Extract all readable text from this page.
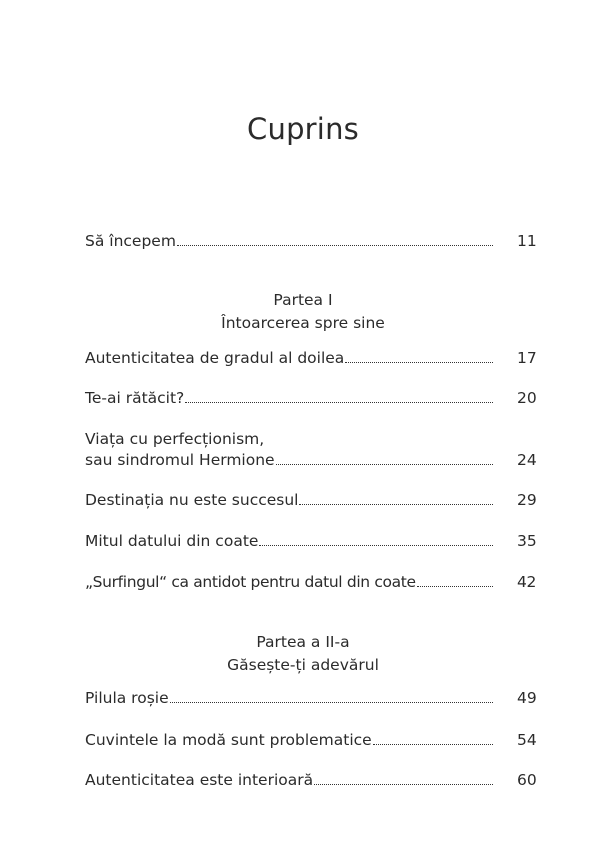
Cuprins
Să începem	11
Partea I
Întoarcerea spre sine
Autenticitatea de gradul al doilea	17
Te-ai rătăcit?	20
Viața cu perfecționism,
sau sindromul Hermione	24
Destinația nu este succesul	29
Mitul datului din coate	35
„Surfingul“ ca antidot pentru datul din coate	42
Partea a II-a
Găsește-ți adevărul
Pilula roșie	49
Cuvintele la modă sunt problematice	54
Autenticitatea este interioară	60
